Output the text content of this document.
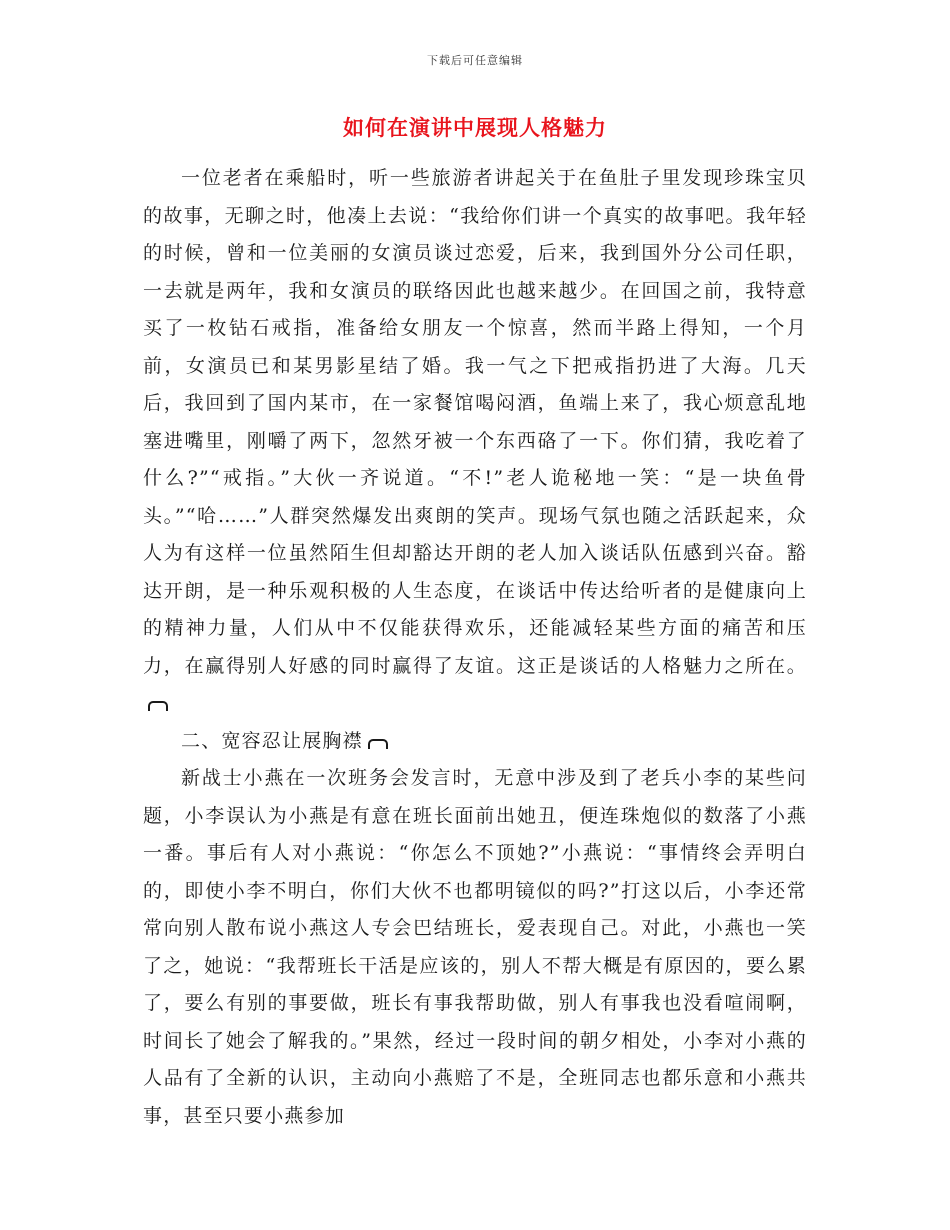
下载后可任意编辑
如何在演讲中展现人格魅力

一位老者在乘船时，听一些旅游者讲起关于在鱼肚子里发现珍珠宝贝的故事，无聊之时，他凑上去说：“我给你们讲一个真实的故事吧。我年轻的时候，曾和一位美丽的女演员谈过恋爱，后来，我到国外分公司任职，一去就是两年，我和女演员的联络因此也越来越少。在回国之前，我特意买了一枚钻石戒指，准备给女朋友一个惊喜，然而半路上得知，一个月前，女演员已和某男影星结了婚。我一气之下把戒指扔进了大海。几天后，我回到了国内某市，在一家餐馆喝闷酒，鱼端上来了，我心烦意乱地塞进嘴里，刚嚼了两下，忽然牙被一个东西硌了一下。你们猜，我吃着了什么?”“戒指。”大伙一齐说道。“不!”老人诡秘地一笑：“是一块鱼骨头。”“哈……”人群突然爆发出爽朗的笑声。现场气氛也随之活跃起来，众人为有这样一位虽然陌生但却豁达开朗的老人加入谈话队伍感到兴奋。豁达开朗，是一种乐观积极的人生态度，在谈话中传达给听者的是健康向上的精神力量，人们从中不仅能获得欢乐，还能减轻某些方面的痛苦和压力，在赢得别人好感的同时赢得了友谊。这正是谈话的人格魅力之所在。

二、宽容忍让展胸襟

新战士小燕在一次班务会发言时，无意中涉及到了老兵小李的某些问题，小李误认为小燕是有意在班长面前出她丑，便连珠炮似的数落了小燕一番。事后有人对小燕说：“你怎么不顶她?”小燕说：“事情终会弄明白的，即使小李不明白，你们大伙不也都明镜似的吗?”打这以后，小李还常常向别人散布说小燕这人专会巴结班长，爱表现自己。对此，小燕也一笑了之，她说：“我帮班长干活是应该的，别人不帮大概是有原因的，要么累了，要么有别的事要做，班长有事我帮助做，别人有事我也没看喧闹啊，时间长了她会了解我的。”果然，经过一段时间的朝夕相处，小李对小燕的人品有了全新的认识，主动向小燕赔了不是，全班同志也都乐意和小燕共事，甚至只要小燕参加
